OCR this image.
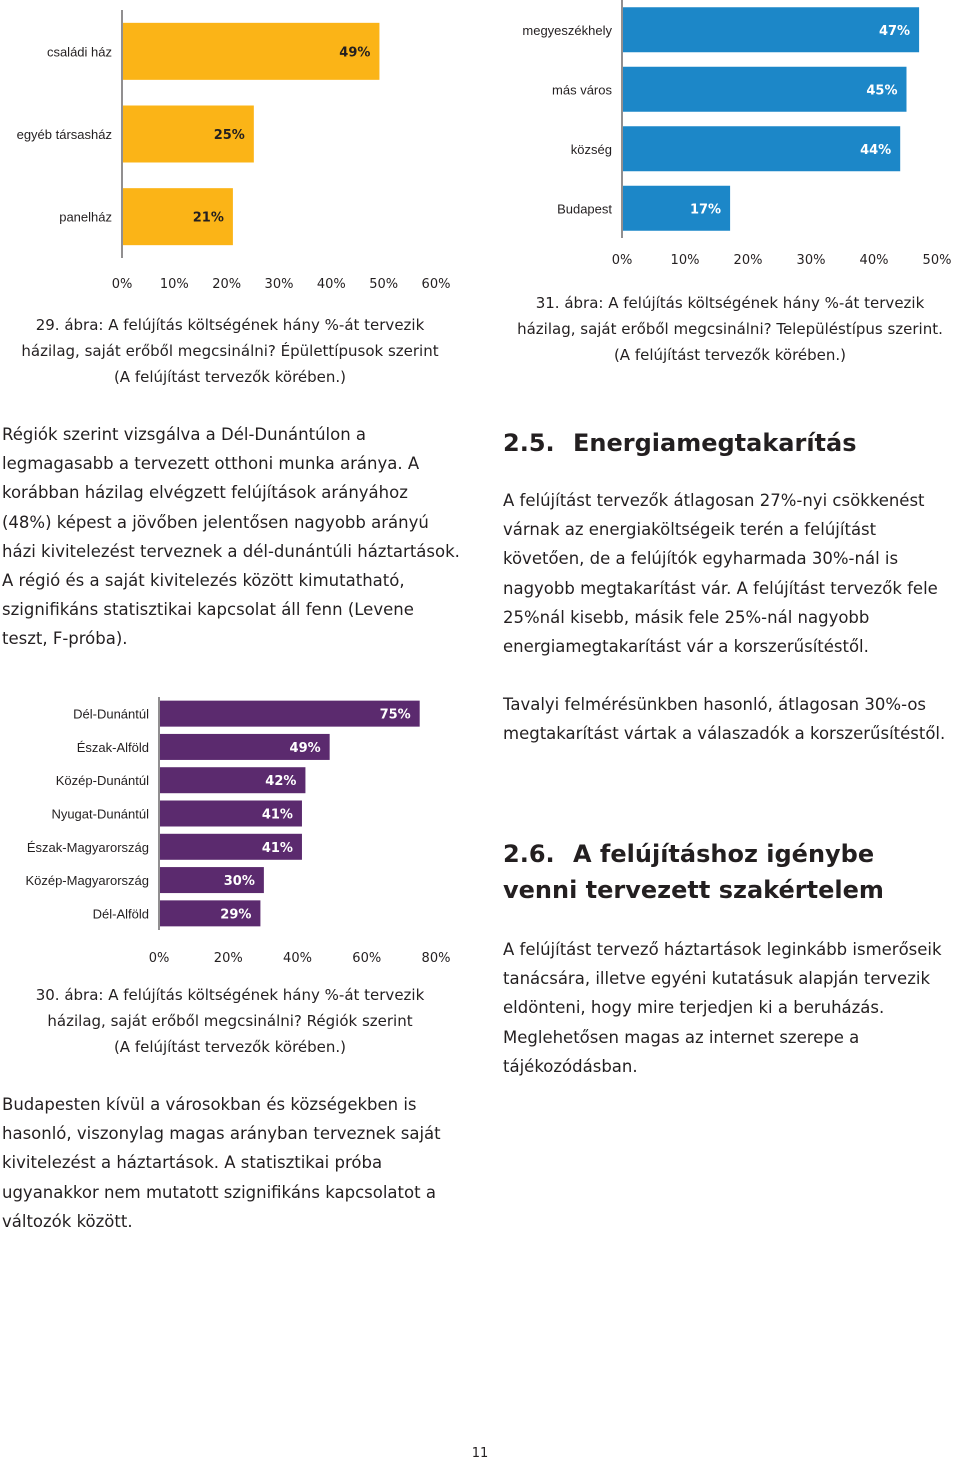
családi ház	49%
egyéb társasház	25%
panelház	21%
0% 10% 20% 30% 40% 50% 60%
29. ábra: A felújítás költségének hány %-át tervezik
házilag, saját erőből megcsinálni? Épülettípusok szerint
(A felújítást tervezők körében.)
megyeszékhely	47%
más város	45%
község	44%
Budapest	17%
0%	10%	20%	30%	40%	50%
31. ábra: A felújítás költségének hány %-át tervezik
házilag, saját erőből megcsinálni? Településtípus szerint.
(A felújítást tervezők körében.)

Régiók szerint vizsgálva a Dél-Dunántúlon a legmagasabb a tervezett otthoni munka aránya. A korábban házilag elvégzett felújítások arányához (48%) képest a jövőben jelentősen nagyobb arányú házi kivitelezést terveznek a dél-dunántúli háztartások. A régió és a saját kivitelezés között kimutatható, szignifikáns statisztikai kapcsolat áll fenn (Levene teszt, F-próba).

2.5. Energiamegtakarítás

A felújítást tervezők átlagosan 27%-nyi csökkenést várnak az energiaköltségeik terén a felújítást követően, de a felújítók egyharmada 30%-nál is nagyobb megtakarítást vár. A felújítást tervezők fele 25%nál kisebb, másik fele 25%-nál nagyobb energiamegtakarítást vár a korszerűsítéstől.

Tavalyi felmérésünkben hasonló, átlagosan 30%-os megtakarítást vártak a válaszadók a korszerűsítéstől.

Dél-Dunántúl	75%
Észak-Alföld	49%
Közép-Dunántúl	42%
Nyugat-Dunántúl	41%
Észak-Magyarország	41%
Közép-Magyarország	30%
Dél-Alföld	29%
0%	20%	40%	60%	80%
30. ábra: A felújítás költségének hány %-át tervezik
házilag, saját erőből megcsinálni? Régiók szerint
(A felújítást tervezők körében.)
2.6. A felújításhoz igénybe venni tervezett szakértelem

A felújítást tervező háztartások leginkább ismerőseik tanácsára, illetve egyéni kutatásuk alapján tervezik eldönteni, hogy mire terjedjen ki a beruházás. Meglehetősen magas az internet szerepe a tájékozódásban.

Budapesten kívül a városokban és községekben is hasonló, viszonylag magas arányban terveznek saját kivitelezést a háztartások. A statisztikai próba ugyanakkor nem mutatott szignifikáns kapcsolatot a változók között.

11
